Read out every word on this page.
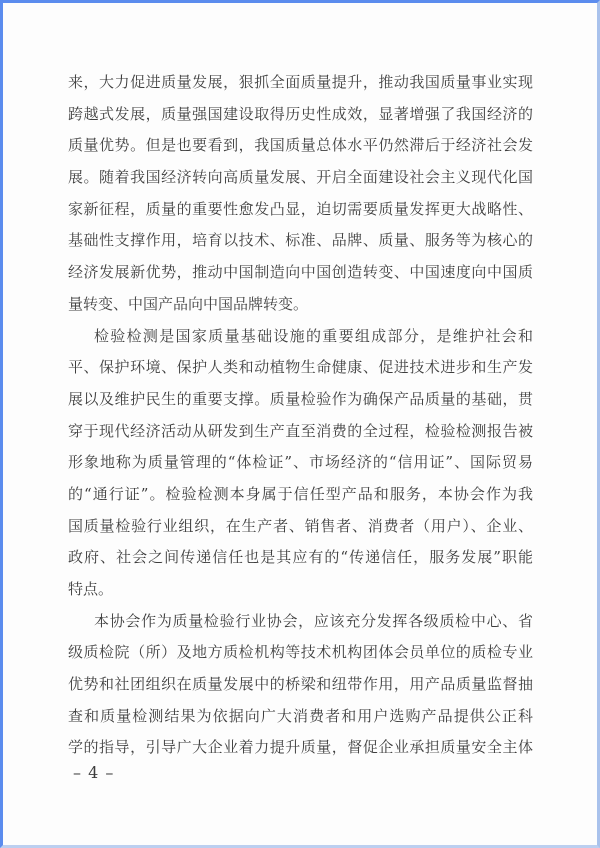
来，大力促进质量发展，狠抓全面质量提升，推动我国质量事业实现
跨越式发展，质量强国建设取得历史性成效，显著增强了我国经济的
质量优势。但是也要看到，我国质量总体水平仍然滞后于经济社会发
展。随着我国经济转向高质量发展、开启全面建设社会主义现代化国
家新征程，质量的重要性愈发凸显，迫切需要质量发挥更大战略性、
基础性支撑作用，培育以技术、标准、品牌、质量、服务等为核心的
经济发展新优势，推动中国制造向中国创造转变、中国速度向中国质
量转变、中国产品向中国品牌转变。
检验检测是国家质量基础设施的重要组成部分，是维护社会和
平、保护环境、保护人类和动植物生命健康、促进技术进步和生产发
展以及维护民生的重要支撑。质量检验作为确保产品质量的基础，贯
穿于现代经济活动从研发到生产直至消费的全过程，检验检测报告被
形象地称为质量管理的“体检证”、市场经济的“信用证”、国际贸易
的“通行证”。检验检测本身属于信任型产品和服务，本协会作为我
国质量检验行业组织，在生产者、销售者、消费者（用户）、企业、
政府、社会之间传递信任也是其应有的“传递信任，服务发展”职能
特点。
本协会作为质量检验行业协会，应该充分发挥各级质检中心、省
级质检院（所）及地方质检机构等技术机构团体会员单位的质检专业
优势和社团组织在质量发展中的桥梁和纽带作用，用产品质量监督抽
查和质量检测结果为依据向广大消费者和用户选购产品提供公正科
学的指导，引导广大企业着力提升质量，督促企业承担质量安全主体
– 4 –
